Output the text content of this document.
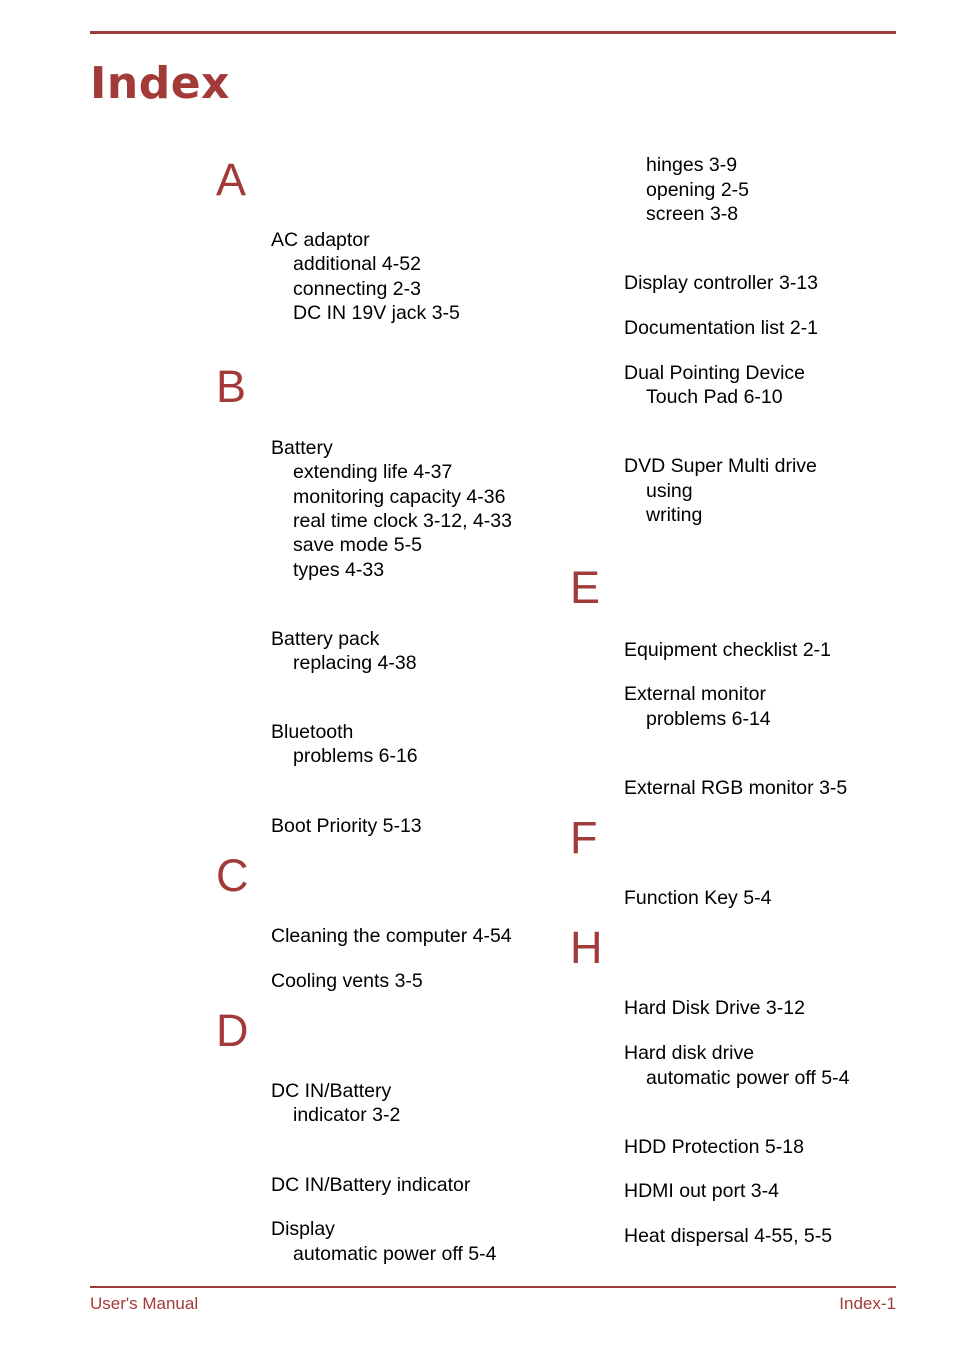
Index
A
AC adaptor
additional 4-52
connecting 2-3
DC IN 19V jack 3-5
B
Battery
extending life 4-37
monitoring capacity 4-36
real time clock 3-12, 4-33
save mode 5-5
types 4-33
Battery pack
replacing 4-38
Bluetooth
problems 6-16
Boot Priority 5-13
C
Cleaning the computer 4-54
Cooling vents 3-5
D
DC IN/Battery
indicator 3-2
DC IN/Battery indicator
Display
automatic power off 5-4
hinges 3-9
opening 2-5
screen 3-8
Display controller 3-13
Documentation list 2-1
Dual Pointing Device
Touch Pad 6-10
DVD Super Multi drive
using
writing
E
Equipment checklist 2-1
External monitor
problems 6-14
External RGB monitor 3-5
F
Function Key 5-4
H
Hard Disk Drive 3-12
Hard disk drive
automatic power off 5-4
HDD Protection 5-18
HDMI out port 3-4
Heat dispersal 4-55, 5-5
User's Manual	Index-1
